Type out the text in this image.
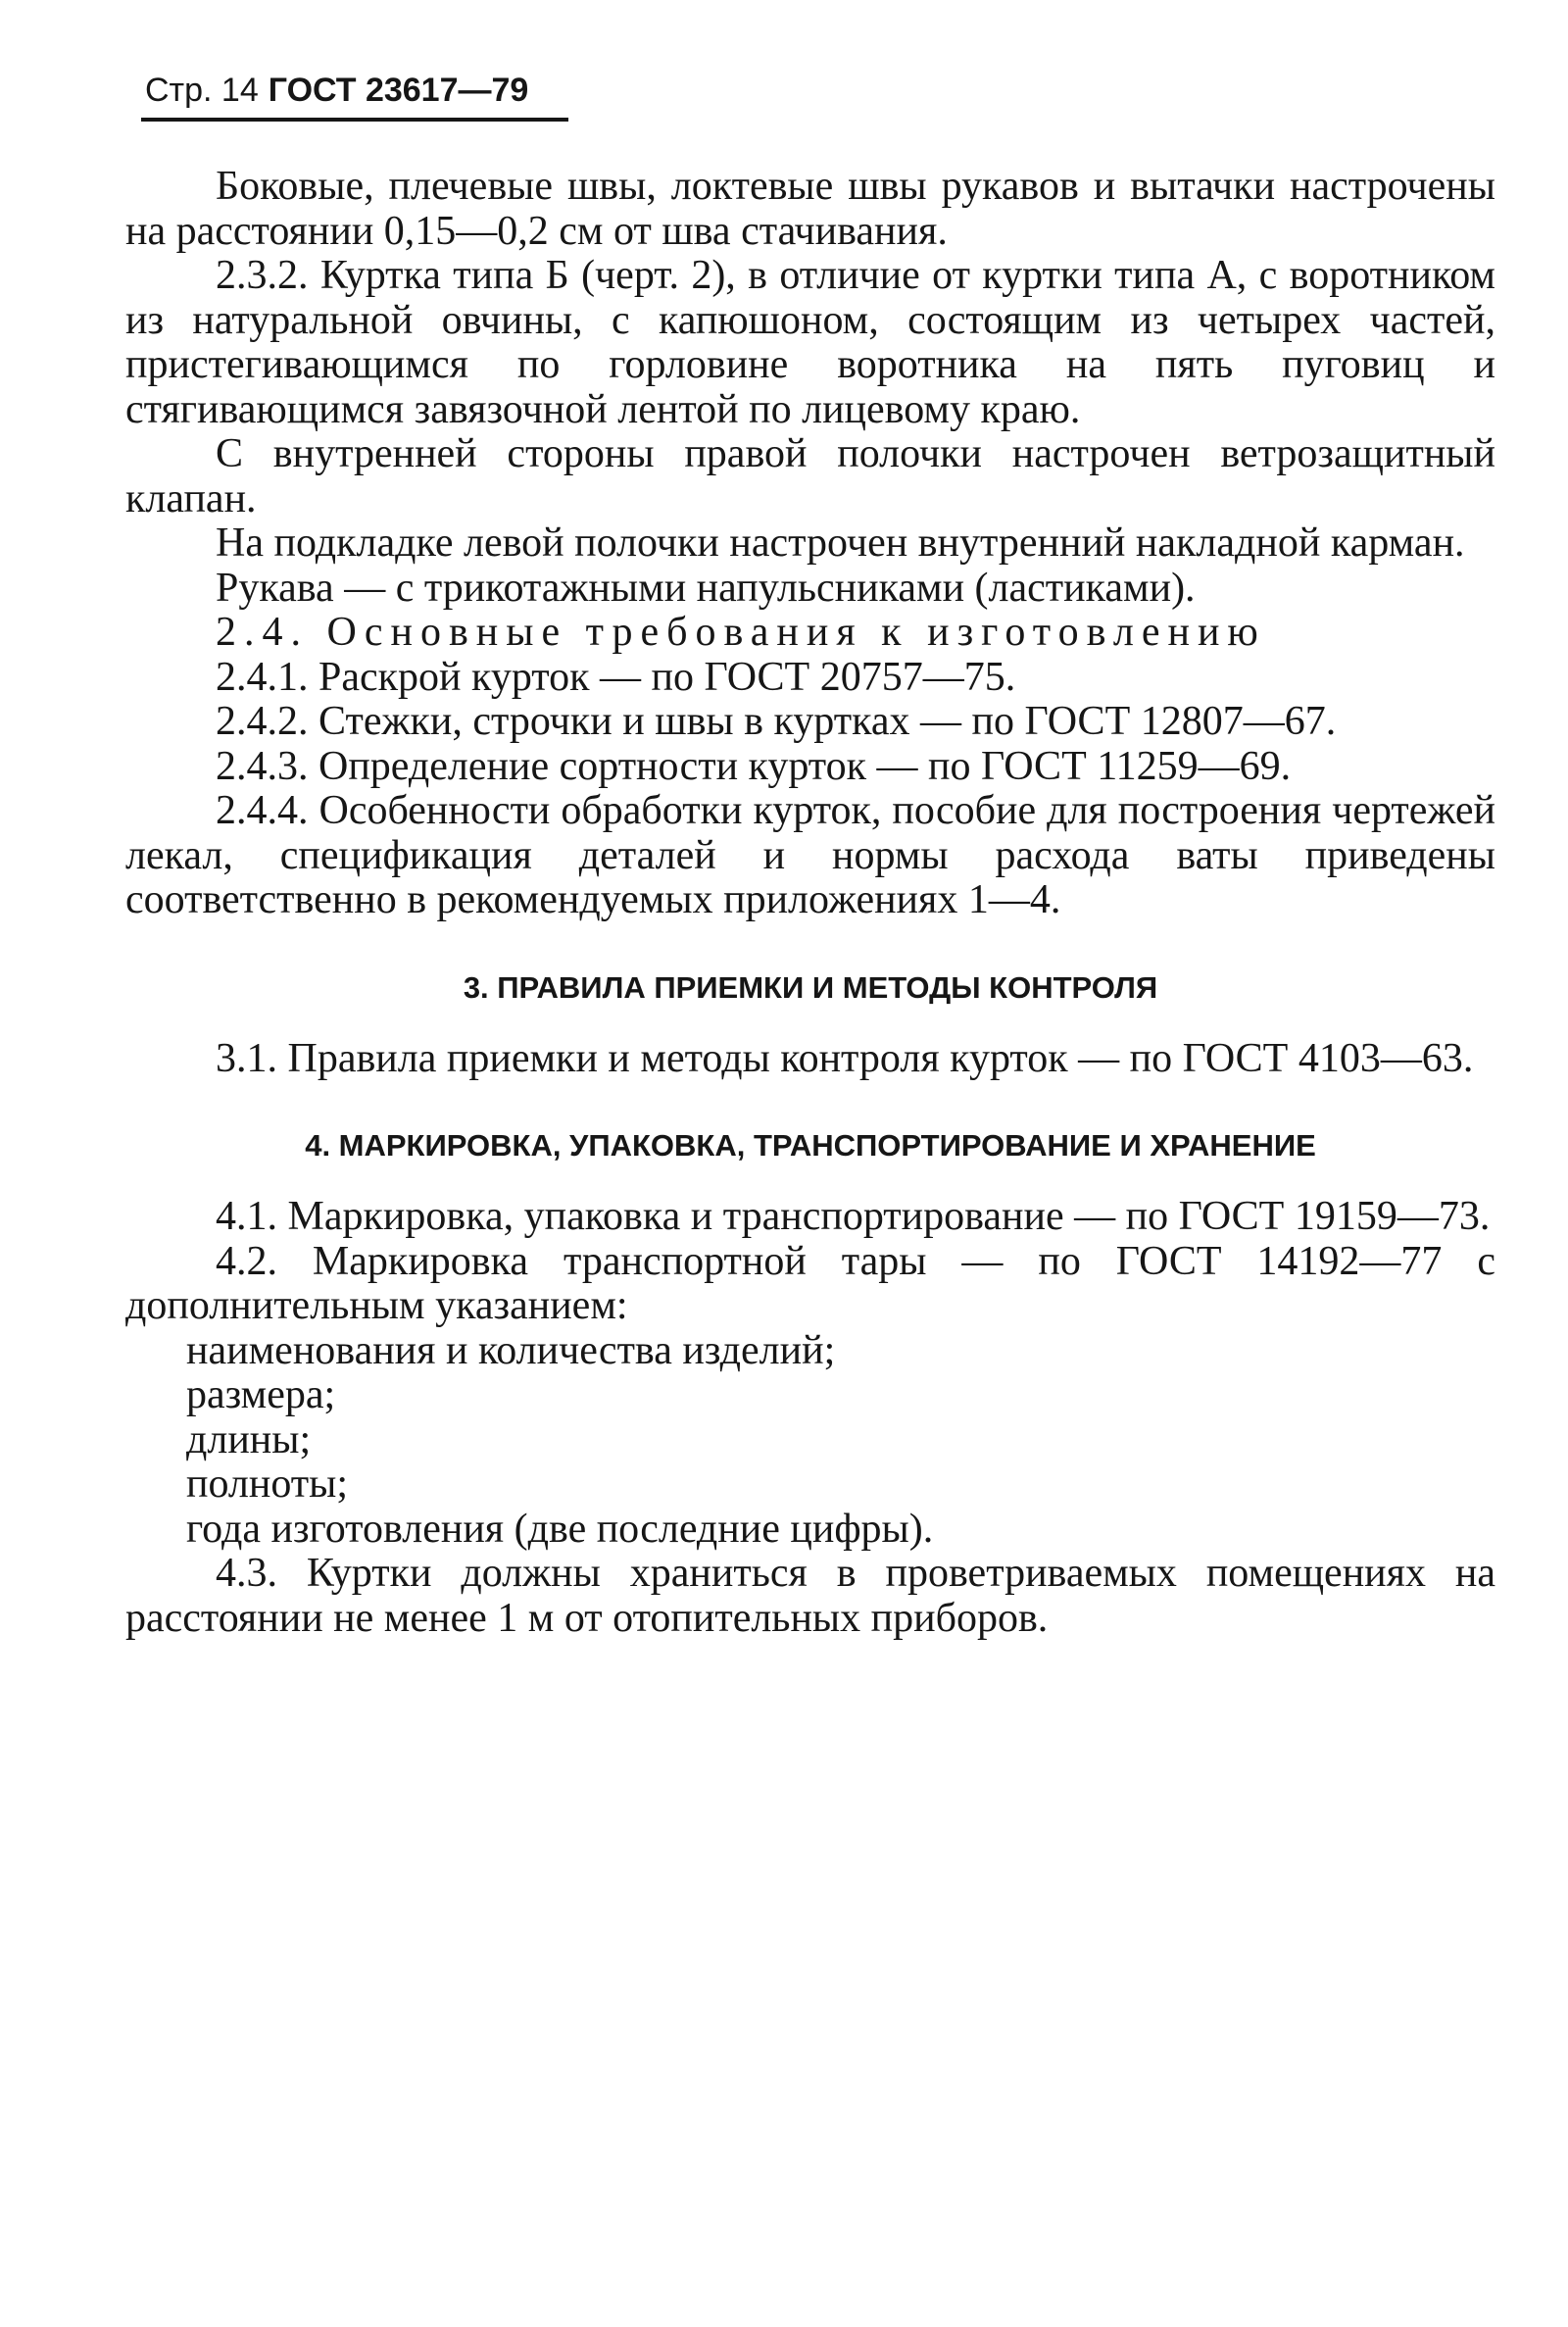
Стр. 14 ГОСТ 23617—79

Боковые, плечевые швы, локтевые швы рукавов и вытачки настрочены на расстоянии 0,15—0,2 см от шва стачивания.

2.3.2. Куртка типа Б (черт. 2), в отличие от куртки типа А, с воротником из натуральной овчины, с капюшоном, состоящим из четырех частей, пристегивающимся по горловине воротника на пять пуговиц и стягивающимся завязочной лентой по лицевому краю.

С внутренней стороны правой полочки настрочен ветрозащитный клапан.

На подкладке левой полочки настрочен внутренний накладной карман.

Рукава — с трикотажными напульсниками (ластиками).

2.4. Основные требования к изготовлению

2.4.1. Раскрой курток — по ГОСТ 20757—75.

2.4.2. Стежки, строчки и швы в куртках — по ГОСТ 12807—67.

2.4.3. Определение сортности курток — по ГОСТ 11259—69.

2.4.4. Особенности обработки курток, пособие для построения чертежей лекал, спецификация деталей и нормы расхода ваты приведены соответственно в рекомендуемых приложениях 1—4.

3. ПРАВИЛА ПРИЕМКИ И МЕТОДЫ КОНТРОЛЯ

3.1. Правила приемки и методы контроля курток — по ГОСТ 4103—63.

4. МАРКИРОВКА, УПАКОВКА, ТРАНСПОРТИРОВАНИЕ И ХРАНЕНИЕ

4.1. Маркировка, упаковка и транспортирование — по ГОСТ 19159—73.

4.2. Маркировка транспортной тары — по ГОСТ 14192—77 с дополнительным указанием:

наименования и количества изделий;
размера;
длины;
полноты;
года изготовления (две последние цифры).

4.3. Куртки должны храниться в проветриваемых помещениях на расстоянии не менее 1 м от отопительных приборов.
